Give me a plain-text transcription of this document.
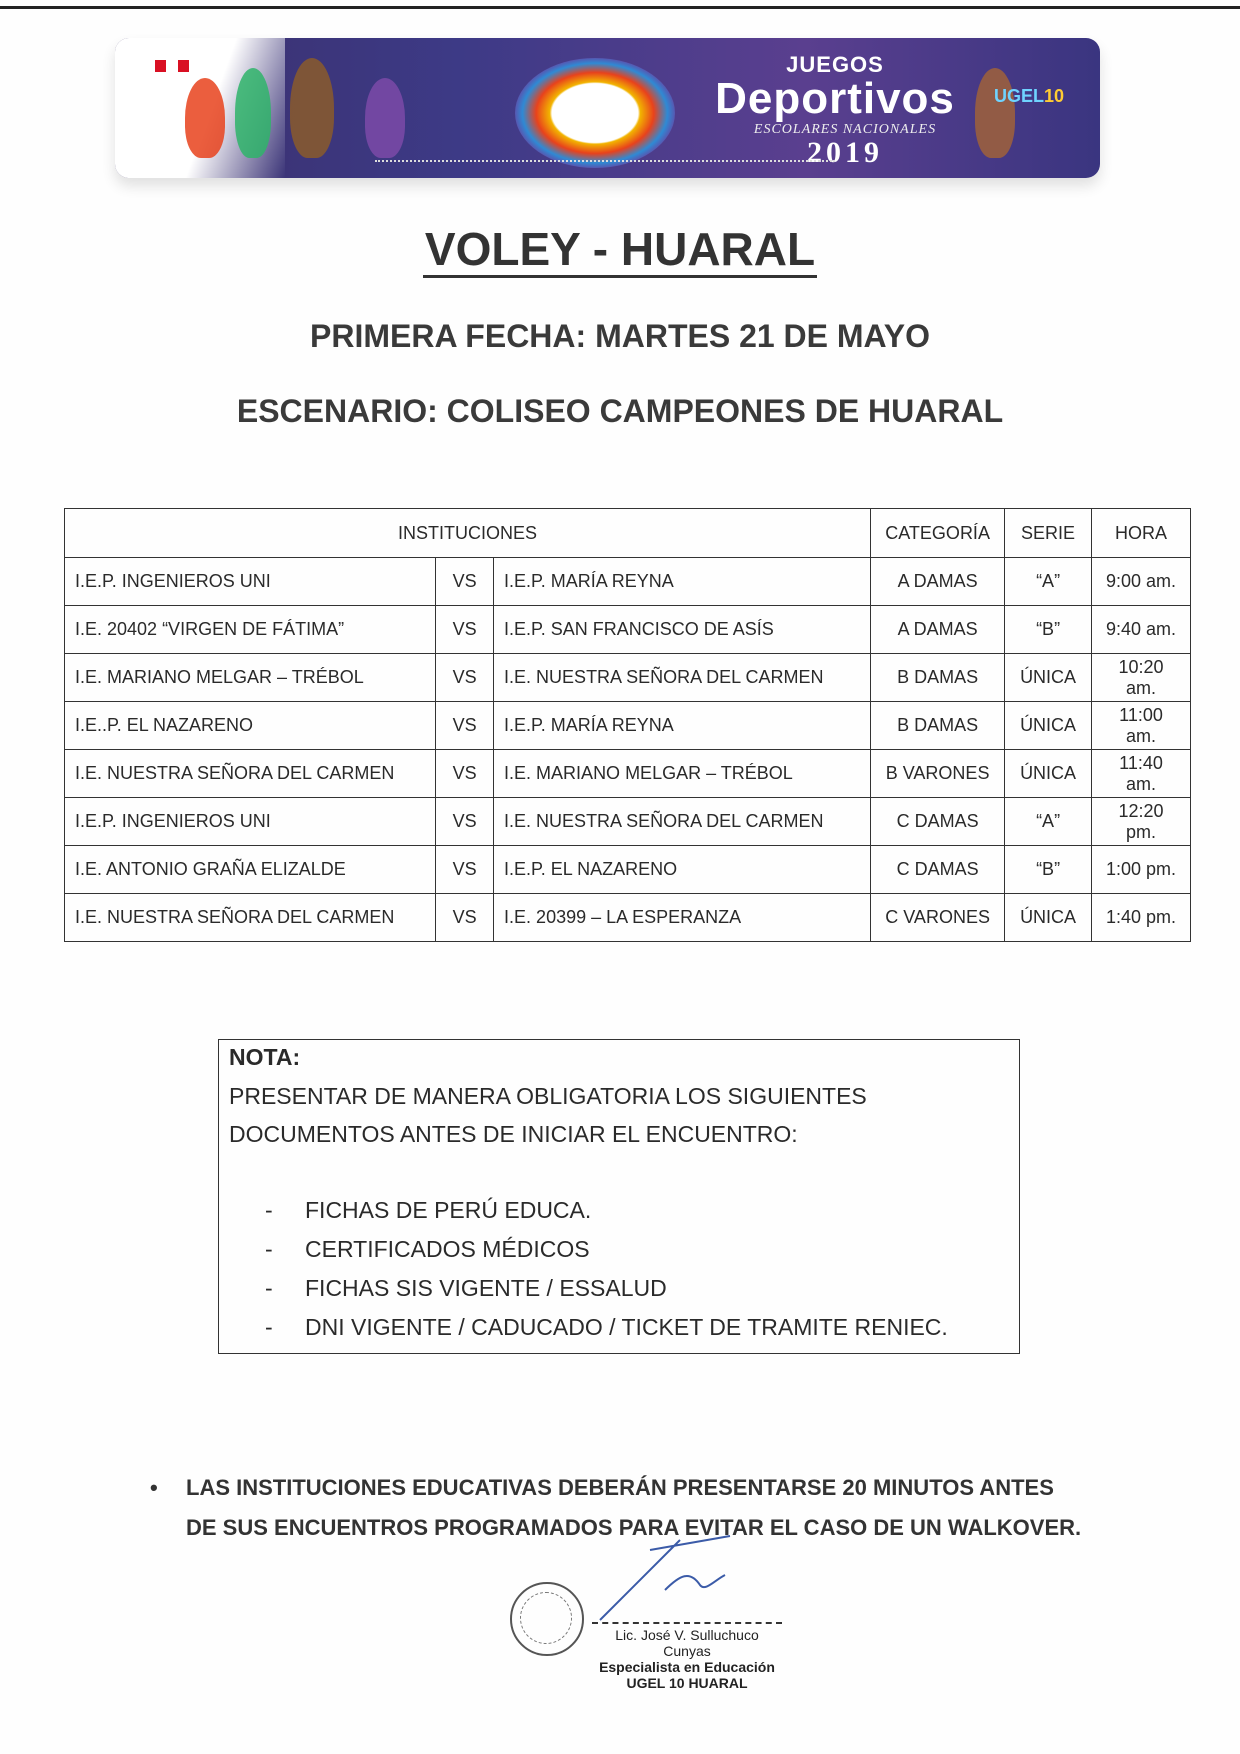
JUEGOS
Deportivos
ESCOLARES NACIONALES
2019
UGEL10
VOLEY - HUARAL
PRIMERA FECHA: MARTES 21 DE MAYO
ESCENARIO: COLISEO CAMPEONES DE HUARAL
INSTITUCIONES			CATEGORÍA	SERIE	HORA
I.E.P. INGENIEROS UNI	VS	I.E.P. MARÍA REYNA	A DAMAS	“A”	9:00 am.
I.E. 20402 “VIRGEN DE FÁTIMA”	VS	I.E.P. SAN FRANCISCO DE ASÍS	A DAMAS	“B”	9:40 am.
I.E. MARIANO MELGAR – TRÉBOL	VS	I.E. NUESTRA SEÑORA DEL CARMEN	B DAMAS	ÚNICA	10:20 am.
I.E..P. EL NAZARENO	VS	I.E.P. MARÍA REYNA	B DAMAS	ÚNICA	11:00 am.
I.E. NUESTRA SEÑORA DEL CARMEN	VS	I.E. MARIANO MELGAR – TRÉBOL	B VARONES	ÚNICA	11:40 am.
I.E.P. INGENIEROS UNI	VS	I.E. NUESTRA SEÑORA DEL CARMEN	C DAMAS	“A”	12:20 pm.
I.E. ANTONIO GRAÑA ELIZALDE	VS	I.E.P. EL NAZARENO	C DAMAS	“B”	1:00 pm.
I.E. NUESTRA SEÑORA DEL CARMEN	VS	I.E. 20399 – LA ESPERANZA	C VARONES	ÚNICA	1:40 pm.
NOTA:
PRESENTAR DE MANERA OBLIGATORIA LOS SIGUIENTES
DOCUMENTOS ANTES DE INICIAR EL ENCUENTRO:
-	FICHAS DE PERÚ EDUCA.
-	CERTIFICADOS MÉDICOS
-	FICHAS SIS VIGENTE / ESSALUD
-	DNI VIGENTE / CADUCADO / TICKET DE TRAMITE RENIEC.
• LAS INSTITUCIONES EDUCATIVAS DEBERÁN PRESENTARSE 20 MINUTOS ANTES
DE SUS ENCUENTROS PROGRAMADOS PARA EVITAR EL CASO DE UN WALKOVER.
Lic. José V. Sulluchuco Cunyas
Especialista en Educación
UGEL 10 HUARAL
